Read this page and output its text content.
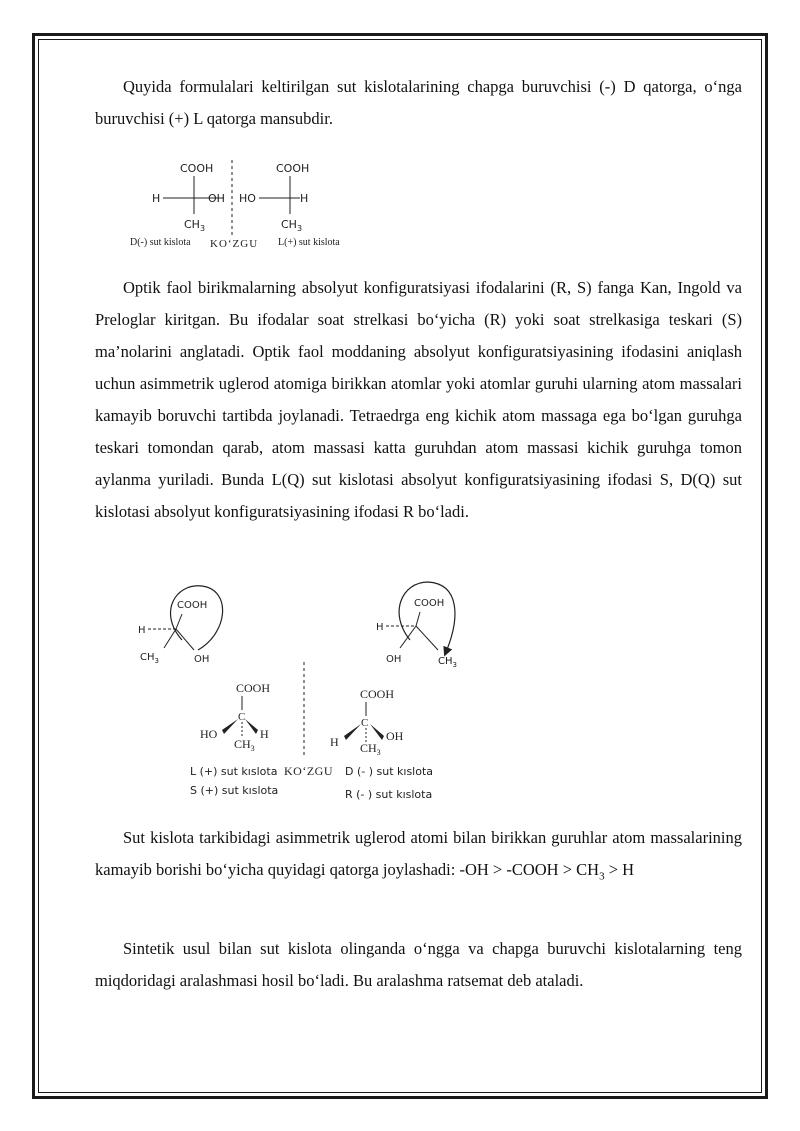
Quyida formulalari keltirilgan sut kislotalarining chapga buruvchisi (-) D qatorga, o‘nga buruvchisi (+) L qatorga mansubdir.

COOH
H	OH
$CH_3$
COOH
HO	H
$CH_3$
D(-) sut kislota KO‘ZGU L(+) sut kislota

Optik faol birikmalarning absolyut konfiguratsiyasi ifodalarini (R, S) fanga Kan, Ingold va Preloglar kiritgan. Bu ifodalar soat strelkasi bo‘yicha (R) yoki soat strelkasiga teskari (S) ma’nolarini anglatadi. Optik faol moddaning absolyut konfiguratsiyasining ifodasini aniqlash uchun asimmetrik uglerod atomiga birikkan atomlar yoki atomlar guruhi ularning atom massalari kamayib boruvchi tartibda joylanadi. Tetraedrga eng kichik atom massaga ega bo‘lgan guruhga teskari tomondan qarab, atom massasi katta guruhdan atom massasi kichik guruhga tomon aylanma yuriladi. Bunda L(Q) sut kislotasi absolyut konfiguratsiyasining ifodasi S, D(Q) sut kislotasi absolyut konfiguratsiyasining ifodasi R bo‘ladi.

COOH
H
$CH_3$	OH
COOH
H
OH	$CH_3$
COOH
C
HO	H
$CH_3$
COOH
C
H	OH
$CH_3$
L (+) sut kıslota KO‘ZGU D (- ) sut kıslota
S (+) sut kıslota	R (- ) sut kıslota

Sut kislota tarkibidagi asimmetrik uglerod atomi bilan birikkan guruhlar atom massalarining kamayib borishi bo‘yicha quyidagi qatorga joylashadi: -OH > -COOH > $CH_3 > H$

Sintetik usul bilan sut kislota olinganda o‘ngga va chapga buruvchi kislotalarning teng miqdoridagi aralashmasi hosil bo‘ladi. Bu aralashma ratsemat deb ataladi.
